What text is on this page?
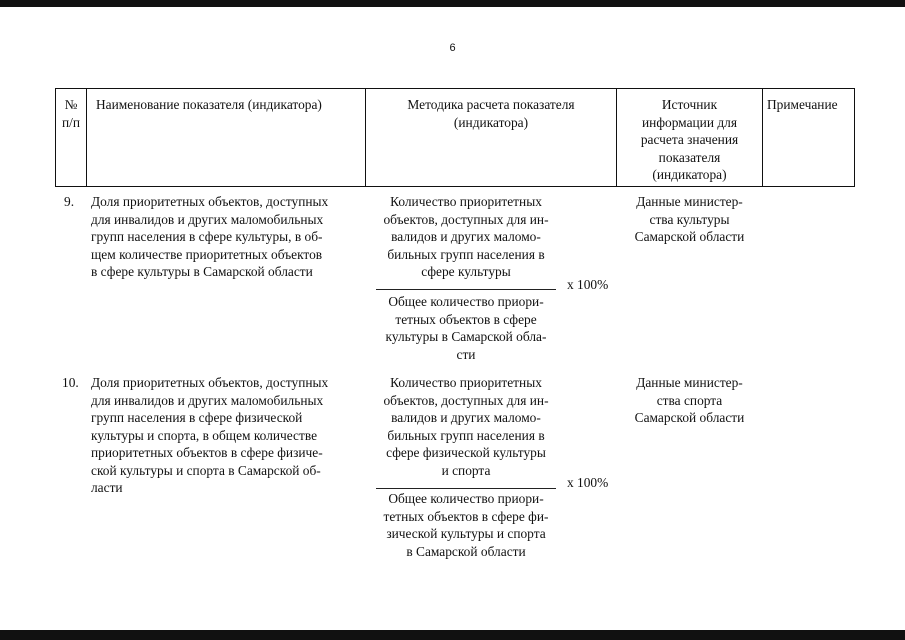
6
№
п/п
Наименование показателя (индикатора)	Методика расчета показателя
(индикатора)
Источник
информации для
расчета значения
показателя
(индикатора)
Примечание
9. Доля приоритетных объектов, доступных
для инвалидов и других маломобильных
групп населения в сфере культуры, в об-
щем количестве приоритетных объектов
в сфере культуры в Самарской области
Количество приоритетных
объектов, доступных для ин-
валидов и других маломо-
бильных групп населения в
сфере культуры
х 100%
Общее количество приори-
тетных объектов в сфере
культуры в Самарской обла-
сти
Данные министер-
ства культуры
Самарской области
10. Доля приоритетных объектов, доступных
для инвалидов и других маломобильных
групп населения в сфере физической
культуры и спорта, в общем количестве
приоритетных объектов в сфере физиче-
ской культуры и спорта в Самарской об-
ласти
Количество приоритетных
объектов, доступных для ин-
валидов и других маломо-
бильных групп населения в
сфере физической культуры
и спорта
х 100%
Общее количество приори-
тетных объектов в сфере фи-
зической культуры и спорта
в Самарской области
Данные министер-
ства спорта
Самарской области
